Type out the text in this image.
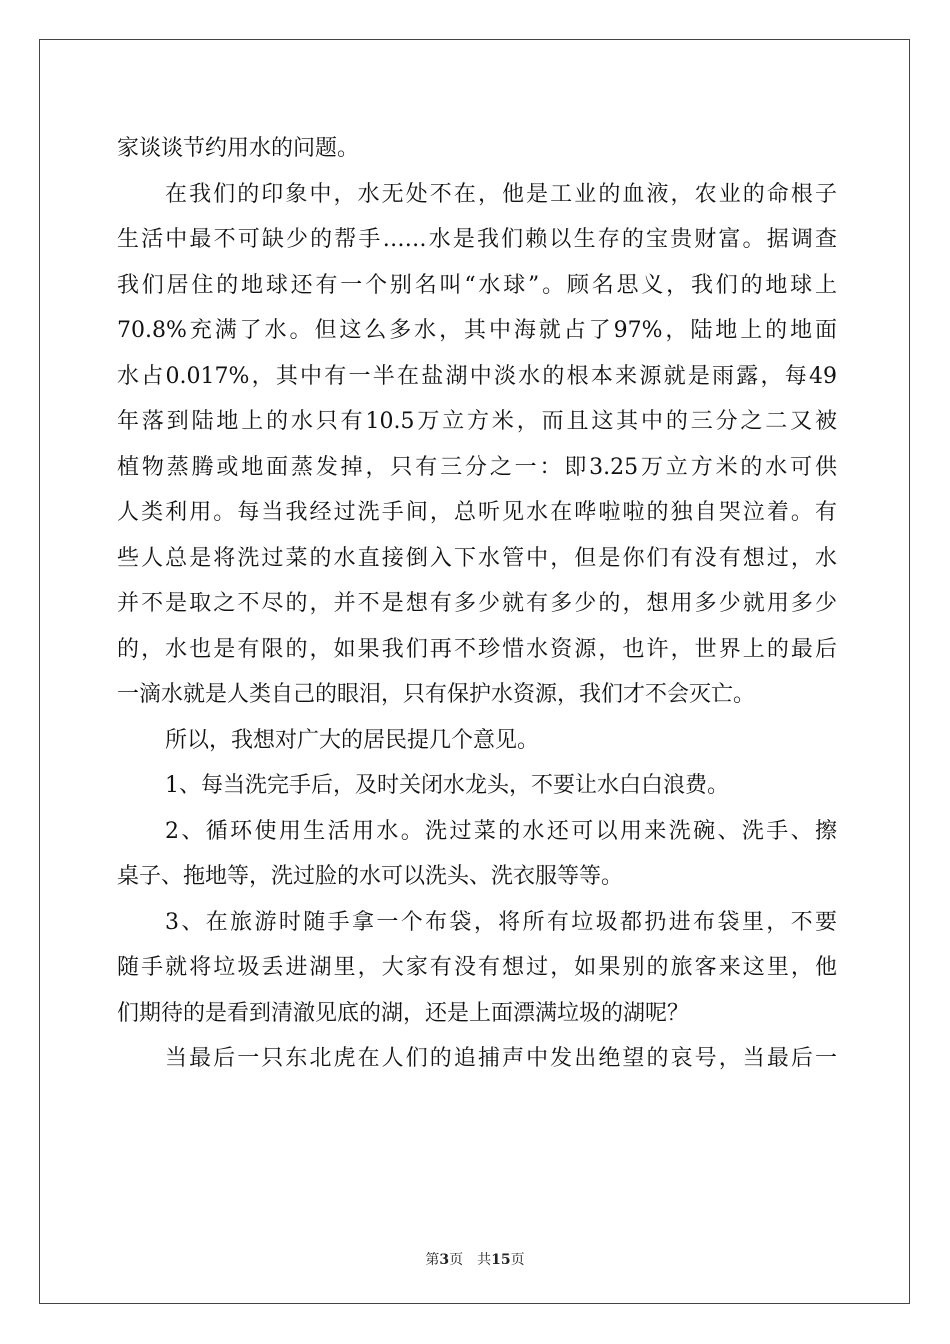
家谈谈节约用水的问题。
在我们的印象中，水无处不在，他是工业的血液，农业的命根子
生活中最不可缺少的帮手……水是我们赖以生存的宝贵财富。据调查
我们居住的地球还有一个别名叫“水球”。顾名思义，我们的地球上
70.8%充满了水。但这么多水，其中海就占了97%，陆地上的地面
水占0.017%，其中有一半在盐湖中淡水的根本来源就是雨露，每49
年落到陆地上的水只有10.5万立方米，而且这其中的三分之二又被
植物蒸腾或地面蒸发掉，只有三分之一：即3.25万立方米的水可供
人类利用。每当我经过洗手间，总听见水在哗啦啦的独自哭泣着。有
些人总是将洗过菜的水直接倒入下水管中，但是你们有没有想过，水
并不是取之不尽的，并不是想有多少就有多少的，想用多少就用多少
的，水也是有限的，如果我们再不珍惜水资源，也许，世界上的最后
一滴水就是人类自己的眼泪，只有保护水资源，我们才不会灭亡。
所以，我想对广大的居民提几个意见。
1、每当洗完手后，及时关闭水龙头，不要让水白白浪费。
2、循环使用生活用水。洗过菜的水还可以用来洗碗、洗手、擦
桌子、拖地等，洗过脸的水可以洗头、洗衣服等等。
3、在旅游时随手拿一个布袋，将所有垃圾都扔进布袋里，不要
随手就将垃圾丢进湖里，大家有没有想过，如果别的旅客来这里，他
们期待的是看到清澈见底的湖，还是上面漂满垃圾的湖呢？
当最后一只东北虎在人们的追捕声中发出绝望的哀号，当最后一
第3页 共15页
